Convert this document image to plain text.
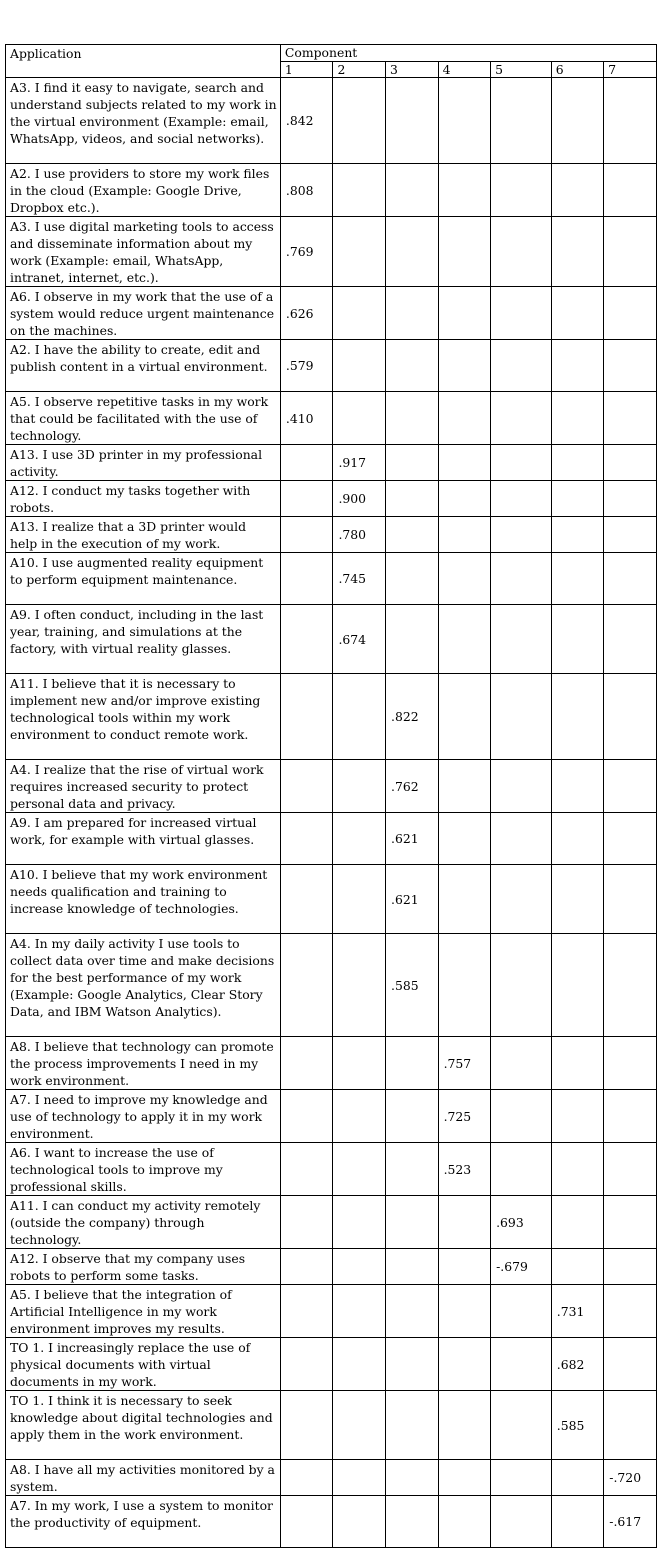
Application	Component						
	1	2	3	4	5	6	7
A3. I find it easy to navigate, search and understand subjects related to my work in the virtual environment (Example: email, WhatsApp, videos, and social networks).	.842						
A2. I use providers to store my work files in the cloud (Example: Google Drive, Dropbox etc.).	.808						
A3. I use digital marketing tools to access and disseminate information about my work (Example: email, WhatsApp, intranet, internet, etc.).	.769						
A6. I observe in my work that the use of a system would reduce urgent maintenance on the machines.	.626						
A2. I have the ability to create, edit and publish content in a virtual environment.	.579						
A5. I observe repetitive tasks in my work that could be facilitated with the use of technology.	.410						
A13. I use 3D printer in my professional activity.		.917					
A12. I conduct my tasks together with robots.		.900					
A13. I realize that a 3D printer would help in the execution of my work.		.780					
A10. I use augmented reality equipment to perform equipment maintenance.		.745					
A9. I often conduct, including in the last year, training, and simulations at the factory, with virtual reality glasses.		.674					
A11. I believe that it is necessary to implement new and/or improve existing technological tools within my work environment to conduct remote work.			.822				
A4. I realize that the rise of virtual work requires increased security to protect personal data and privacy.			.762				
A9. I am prepared for increased virtual work, for example with virtual glasses.			.621				
A10. I believe that my work environment needs qualification and training to increase knowledge of technologies.			.621				
A4. In my daily activity I use tools to collect data over time and make decisions for the best performance of my work (Example: Google Analytics, Clear Story Data, and IBM Watson Analytics).			.585				
A8. I believe that technology can promote the process improvements I need in my work environment.				.757			
A7. I need to improve my knowledge and use of technology to apply it in my work environment.				.725			
A6. I want to increase the use of technological tools to improve my professional skills.				.523			
A11. I can conduct my activity remotely (outside the company) through technology.					.693		
A12. I observe that my company uses robots to perform some tasks.					-.679		
A5. I believe that the integration of Artificial Intelligence in my work environment improves my results.						.731	
TO 1. I increasingly replace the use of physical documents with virtual documents in my work.						.682	
TO 1. I think it is necessary to seek knowledge about digital technologies and apply them in the work environment.						.585	
A8. I have all my activities monitored by a system.							-.720
A7. In my work, I use a system to monitor the productivity of equipment.							-.617
